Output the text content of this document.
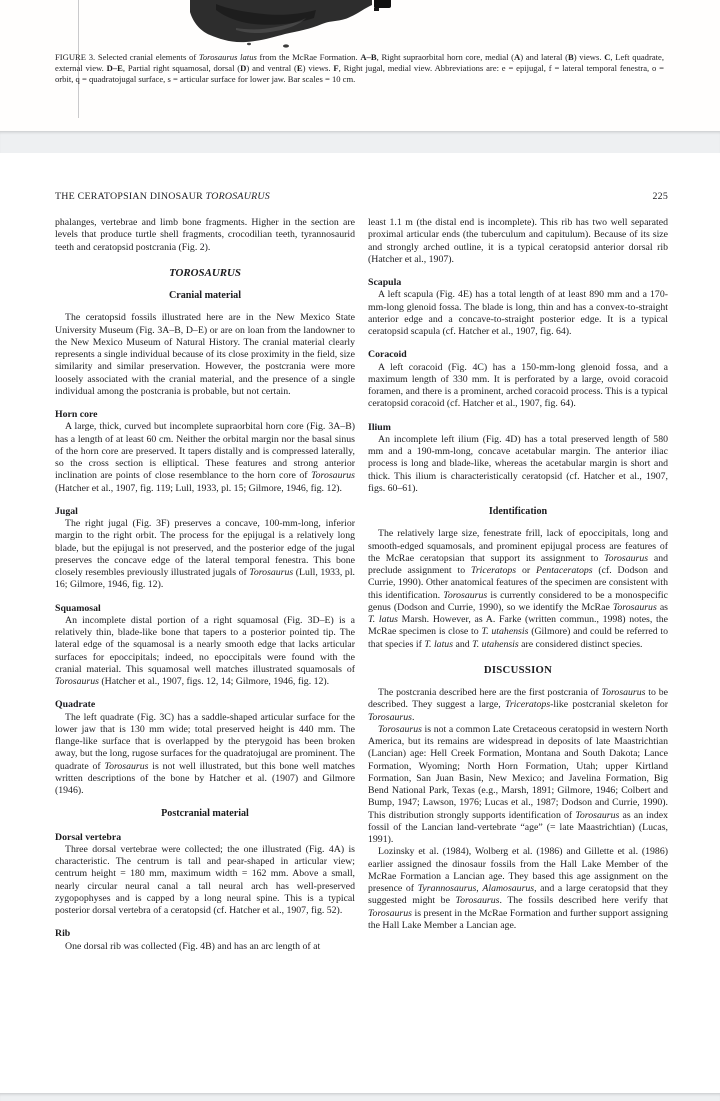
FIGURE 3. Selected cranial elements of Torosaurus latus from the McRae Formation. A–B, Right supraorbital horn core, medial (A) and lateral (B) views. C, Left quadrate, external view. D–E, Partial right squamosal, dorsal (D) and ventral (E) views. F, Right jugal, medial view. Abbreviations are: e = epijugal, f = lateral temporal fenestra, o = orbit, q = quadratojugal surface, s = articular surface for lower jaw. Bar scales = 10 cm.

THE CERATOPSIAN DINOSAUR TOROSAURUS	225

phalanges, vertebrae and limb bone fragments. Higher in the section are levels that produce turtle shell fragments, crocodilian teeth, tyrannosaurid teeth and ceratopsid postcrania (Fig. 2).

TOROSAURUS
Cranial material

The ceratopsid fossils illustrated here are in the New Mexico State University Museum (Fig. 3A–B, D–E) or are on loan from the landowner to the New Mexico Museum of Natural History. The cranial material clearly represents a single individual because of its close proximity in the field, size similarity and similar preservation. However, the postcrania were more loosely associated with the cranial material, and the presence of a single individual among the postcrania is probable, but not certain.

Horn core

A large, thick, curved but incomplete supraorbital horn core (Fig. 3A–B) has a length of at least 60 cm. Neither the orbital margin nor the basal sinus of the horn core are preserved. It tapers distally and is compressed laterally, so the cross section is elliptical. These features and strong anterior inclination are points of close resemblance to the horn core of Torosaurus (Hatcher et al., 1907, fig. 119; Lull, 1933, pl. 15; Gilmore, 1946, fig. 12).

Jugal

The right jugal (Fig. 3F) preserves a concave, 100-mm-long, inferior margin to the right orbit. The process for the epijugal is a relatively long blade, but the epijugal is not preserved, and the posterior edge of the jugal preserves the concave edge of the lateral temporal fenestra. This bone closely resembles previously illustrated jugals of Torosaurus (Lull, 1933, pl. 16; Gilmore, 1946, fig. 12).

Squamosal

An incomplete distal portion of a right squamosal (Fig. 3D–E) is a relatively thin, blade-like bone that tapers to a posterior pointed tip. The lateral edge of the squamosal is a nearly smooth edge that lacks articular surfaces for epoccipitals; indeed, no epoccipitals were found with the cranial material. This squamosal well matches illustrated squamosals of Torosaurus (Hatcher et al., 1907, figs. 12, 14; Gilmore, 1946, fig. 12).

Quadrate

The left quadrate (Fig. 3C) has a saddle-shaped articular surface for the lower jaw that is 130 mm wide; total preserved height is 440 mm. The flange-like surface that is overlapped by the pterygoid has been broken away, but the long, rugose surfaces for the quadratojugal are prominent. The quadrate of Torosaurus is not well illustrated, but this bone well matches written descriptions of the bone by Hatcher et al. (1907) and Gilmore (1946).

Postcranial material
Dorsal vertebra

Three dorsal vertebrae were collected; the one illustrated (Fig. 4A) is characteristic. The centrum is tall and pear-shaped in articular view; centrum height = 180 mm, maximum width = 162 mm. Above a small, nearly circular neural canal a tall neural arch has well-preserved zygopophyses and is capped by a long neural spine. This is a typical posterior dorsal vertebra of a ceratopsid (cf. Hatcher et al., 1907, fig. 52).

Rib

One dorsal rib was collected (Fig. 4B) and has an arc length of at

least 1.1 m (the distal end is incomplete). This rib has two well separated proximal articular ends (the tuberculum and capitulum). Because of its size and strongly arched outline, it is a typical ceratopsid anterior dorsal rib (Hatcher et al., 1907).

Scapula

A left scapula (Fig. 4E) has a total length of at least 890 mm and a 170-mm-long glenoid fossa. The blade is long, thin and has a convex-to-straight anterior edge and a concave-to-straight posterior edge. It is a typical ceratopsid scapula (cf. Hatcher et al., 1907, fig. 64).

Coracoid

A left coracoid (Fig. 4C) has a 150-mm-long glenoid fossa, and a maximum length of 330 mm. It is perforated by a large, ovoid coracoid foramen, and there is a prominent, arched coracoid process. This is a typical ceratopsid coracoid (cf. Hatcher et al., 1907, fig. 64).

Ilium

An incomplete left ilium (Fig. 4D) has a total preserved length of 580 mm and a 190-mm-long, concave acetabular margin. The anterior iliac process is long and blade-like, whereas the acetabular margin is short and thick. This ilium is characteristically ceratopsid (cf. Hatcher et al., 1907, figs. 60–61).

Identification

The relatively large size, fenestrate frill, lack of epoccipitals, long and smooth-edged squamosals, and prominent epijugal process are features of the McRae ceratopsian that support its assignment to Torosaurus and preclude assignment to Triceratops or Pentaceratops (cf. Dodson and Currie, 1990). Other anatomical features of the specimen are consistent with this identification. Torosaurus is currently considered to be a monospecific genus (Dodson and Currie, 1990), so we identify the McRae Torosaurus as T. latus Marsh. However, as A. Farke (written commun., 1998) notes, the McRae specimen is close to T. utahensis (Gilmore) and could be referred to that species if T. latus and T. utahensis are considered distinct species.

DISCUSSION

The postcrania described here are the first postcrania of Torosaurus to be described. They suggest a large, Triceratops-like postcranial skeleton for Torosaurus.

Torosaurus is not a common Late Cretaceous ceratopsid in western North America, but its remains are widespread in deposits of late Maastrichtian (Lancian) age: Hell Creek Formation, Montana and South Dakota; Lance Formation, Wyoming; North Horn Formation, Utah; upper Kirtland Formation, San Juan Basin, New Mexico; and Javelina Formation, Big Bend National Park, Texas (e.g., Marsh, 1891; Gilmore, 1946; Colbert and Bump, 1947; Lawson, 1976; Lucas et al., 1987; Dodson and Currie, 1990). This distribution strongly supports identification of Torosaurus as an index fossil of the Lancian land-vertebrate “age” (= late Maastrichtian) (Lucas, 1991).

Lozinsky et al. (1984), Wolberg et al. (1986) and Gillette et al. (1986) earlier assigned the dinosaur fossils from the Hall Lake Member of the McRae Formation a Lancian age. They based this age assignment on the presence of Tyrannosaurus, Alamosaurus, and a large ceratopsid that they suggested might be Torosaurus. The fossils described here verify that Torosaurus is present in the McRae Formation and further support assigning the Hall Lake Member a Lancian age.
